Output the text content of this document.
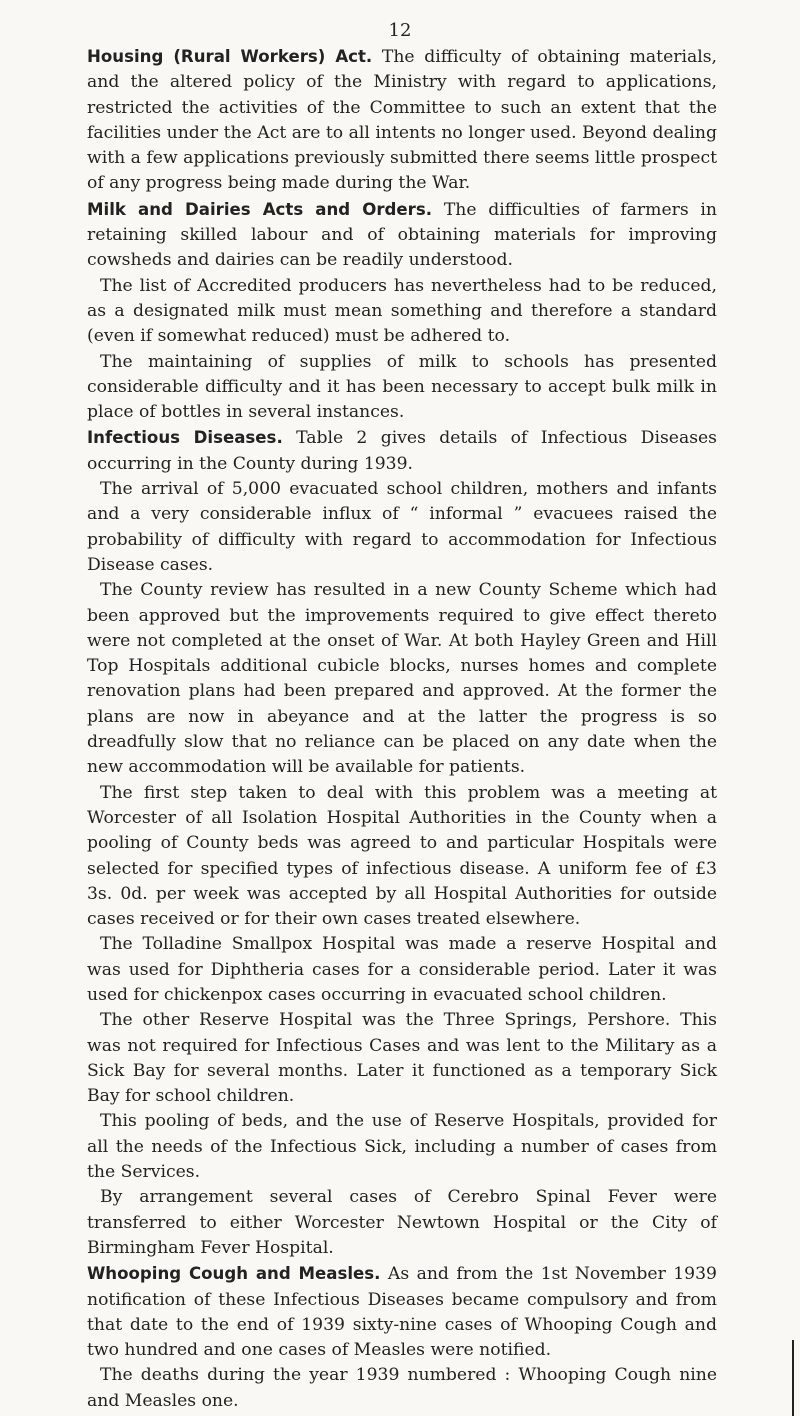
12

Housing (Rural Workers) Act. The difficulty of obtaining materials, and the altered policy of the Ministry with regard to applications, restricted the activities of the Committee to such an extent that the facilities under the Act are to all intents no longer used. Beyond dealing with a few applications previously submitted there seems little prospect of any progress being made during the War.

Milk and Dairies Acts and Orders. The difficulties of farmers in retaining skilled labour and of obtaining materials for improving cowsheds and dairies can be readily understood.

The list of Accredited producers has nevertheless had to be reduced, as a designated milk must mean something and therefore a standard (even if somewhat reduced) must be adhered to.

The maintaining of supplies of milk to schools has presented considerable difficulty and it has been necessary to accept bulk milk in place of bottles in several instances.

Infectious Diseases. Table 2 gives details of Infectious Diseases occurring in the County during 1939.

The arrival of 5,000 evacuated school children, mothers and infants and a very considerable influx of “ informal ” evacuees raised the probability of difficulty with regard to accommodation for Infectious Disease cases.

The County review has resulted in a new County Scheme which had been approved but the improvements required to give effect thereto were not completed at the onset of War. At both Hayley Green and Hill Top Hospitals additional cubicle blocks, nurses homes and complete renovation plans had been prepared and approved. At the former the plans are now in abeyance and at the latter the progress is so dreadfully slow that no reliance can be placed on any date when the new accommodation will be available for patients.

The first step taken to deal with this problem was a meeting at Worcester of all Isolation Hospital Authorities in the County when a pooling of County beds was agreed to and particular Hospitals were selected for specified types of infectious disease. A uniform fee of £3 3s. 0d. per week was accepted by all Hospital Authorities for outside cases received or for their own cases treated elsewhere.

The Tolladine Smallpox Hospital was made a reserve Hospital and was used for Diphtheria cases for a considerable period. Later it was used for chickenpox cases occurring in evacuated school children.

The other Reserve Hospital was the Three Springs, Pershore. This was not required for Infectious Cases and was lent to the Military as a Sick Bay for several months. Later it functioned as a temporary Sick Bay for school children.

This pooling of beds, and the use of Reserve Hospitals, provided for all the needs of the Infectious Sick, including a number of cases from the Services.

By arrangement several cases of Cerebro Spinal Fever were transferred to either Worcester Newtown Hospital or the City of Birmingham Fever Hospital.

Whooping Cough and Measles. As and from the 1st November 1939 notification of these Infectious Diseases became compulsory and from that date to the end of 1939 sixty-nine cases of Whooping Cough and two hundred and one cases of Measles were notified.

The deaths during the year 1939 numbered : Whooping Cough nine and Measles one.
